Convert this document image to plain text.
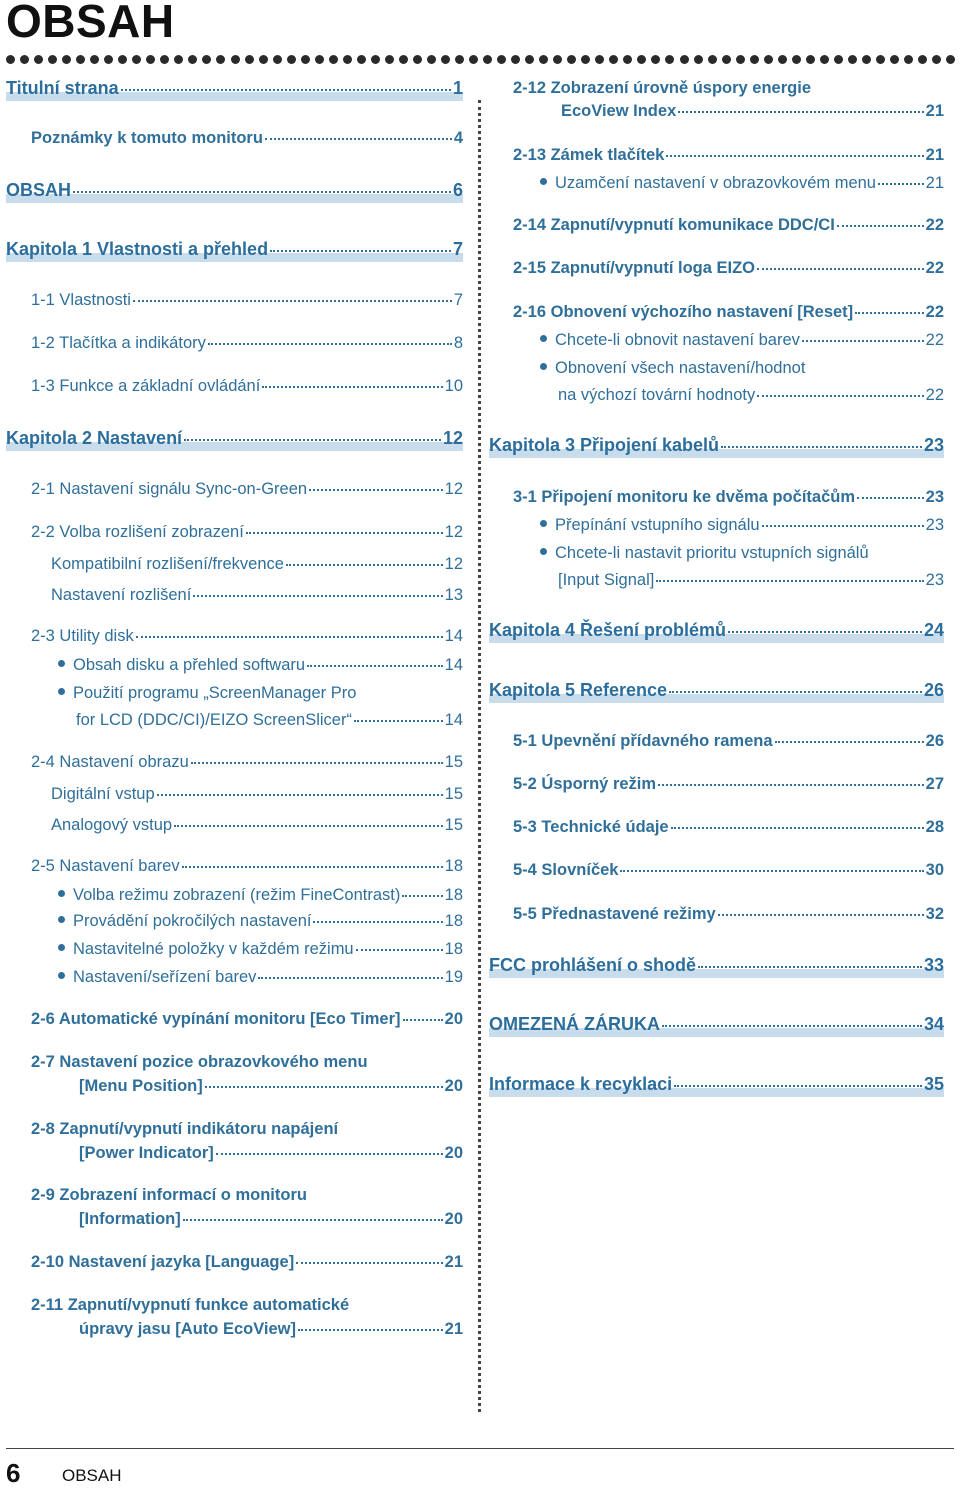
OBSAH
Titulní strana	1
Poznámky k tomuto monitoru	4
OBSAH	6
Kapitola 1 Vlastnosti a přehled	7
1-1 Vlastnosti	7
1-2 Tlačítka a indikátory	8
1-3 Funkce a základní ovládání	10
Kapitola 2 Nastavení	12
2-1 Nastavení signálu Sync-on-Green	12
2-2 Volba rozlišení zobrazení	12
Kompatibilní rozlišení/frekvence	12
Nastavení rozlišení	13
2-3 Utility disk	14
Obsah disku a přehled softwaru	14
Použití programu „ScreenManager Pro
for LCD (DDC/CI)/EIZO ScreenSlicer“	14
2-4 Nastavení obrazu	15
Digitální vstup	15
Analogový vstup	15
2-5 Nastavení barev	18
Volba režimu zobrazení (režim FineContrast)	18
Provádění pokročilých nastavení	18
Nastavitelné položky v každém režimu	18
Nastavení/seřízení barev	19
2-6 Automatické vypínání monitoru [Eco Timer]	20
2-7 Nastavení pozice obrazovkového menu
[Menu Position]	20
2-8 Zapnutí/vypnutí indikátoru napájení
[Power Indicator]	20
2-9 Zobrazení informací o monitoru
[Information]	20
2-10 Nastavení jazyka [Language]	21
2-11 Zapnutí/vypnutí funkce automatické
úpravy jasu [Auto EcoView]	21
2-12 Zobrazení úrovně úspory energie
EcoView Index	21
2-13 Zámek tlačítek	21
Uzamčení nastavení v obrazovkovém menu	21
2-14 Zapnutí/vypnutí komunikace DDC/CI	22
2-15 Zapnutí/vypnutí loga EIZO	22
2-16 Obnovení výchozího nastavení [Reset]	22
Chcete-li obnovit nastavení barev	22
Obnovení všech nastavení/hodnot
na výchozí tovární hodnoty	22
Kapitola 3 Připojení kabelů	23
3-1 Připojení monitoru ke dvěma počítačům	23
Přepínání vstupního signálu	23
Chcete-li nastavit prioritu vstupních signálů
[Input Signal]	23
Kapitola 4 Řešení problémů	24
Kapitola 5 Reference	26
5-1 Upevnění přídavného ramena	26
5-2 Úsporný režim	27
5-3 Technické údaje	28
5-4 Slovníček	30
5-5 Přednastavené režimy	32
FCC prohlášení o shodě	33
OMEZENÁ ZÁRUKA	34
Informace k recyklaci	35
6 OBSAH
